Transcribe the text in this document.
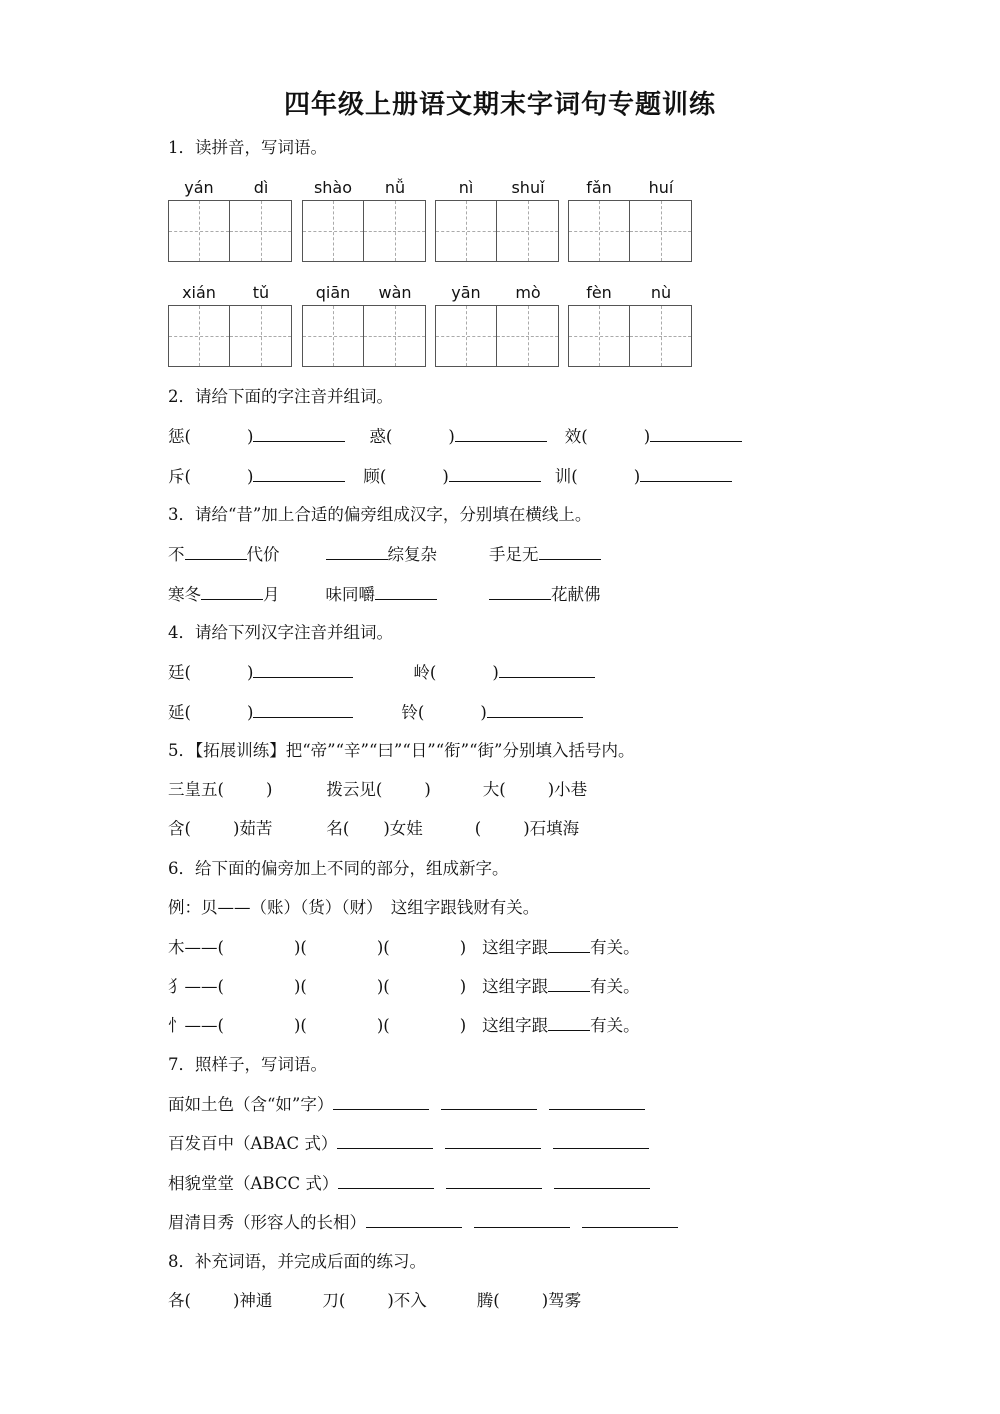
四年级上册语文期末字词句专题训练
1．读拼音，写词语。
yán	dì	shào	nǚ	nì	shuǐ	fǎn	huí
xián	tǔ	qiān	wàn	yān	mò	fèn	nù
2．请给下面的字注音并组词。
惩(	)	惑(	)	效(	)
斥(	)	顾(	)	训(	)
3．请给“昔”加上合适的偏旁组成汉字，分别填在横线上。
不	代价	综复杂	手足无
寒冬	月	味同嚼	花献佛
4．请给下列汉字注音并组词。
廷(	)	岭(	)
延(	)	铃(	)
5．【拓展训练】把“帝”“辛”“曰”“日”“衔”“街”分别填入括号内。
三皇五(	)	拨云见(	)	大(	)小巷
含(	)茹苦	名( )女娃	(	)石填海
6．给下面的偏旁加上不同的部分，组成新字。
例：贝——（账）（货）（财）　这组字跟钱财有关。
木——(	)(	)(	) 这组字跟	有关。
犭——(	)(	)(	) 这组字跟	有关。
忄——(	)(	)(	) 这组字跟	有关。
7．照样子，写词语。
面如土色（含“如”字）
百发百中（ABAC 式）
相貌堂堂（ABCC 式）
眉清目秀（形容人的长相）
8．补充词语，并完成后面的练习。
各(	)神通	刀(	)不入	腾(	)驾雾
